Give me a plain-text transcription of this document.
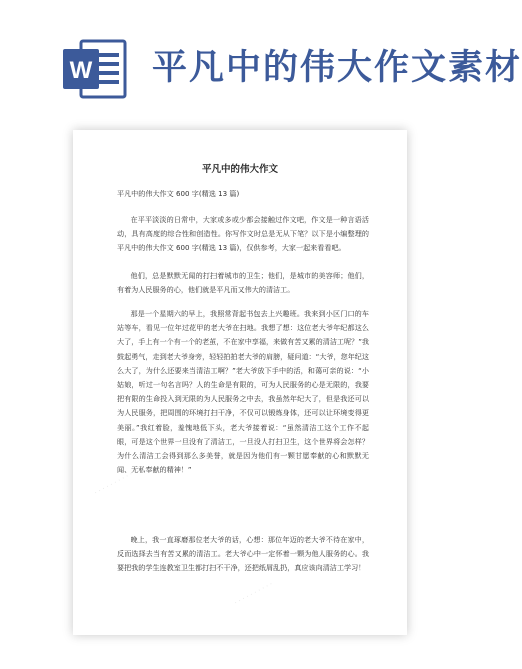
W 平凡中的伟大作文素材
· · · · · · · · · ·
· · · · · · · · · ·
平凡中的伟大作文
平凡中的伟大作文 600 字(精选 13 篇)
在平平淡淡的日常中，大家或多或少都会接触过作文吧，作文是一种言语活动，具有高度的综合性和创造性。你写作文时总是无从下笔？以下是小编整理的平凡中的伟大作文 600 字(精选 13 篇)，仅供参考，大家一起来看看吧。
他们，总是默默无闻的打扫着城市的卫生；他们，是城市的美容师；他们，有着为人民服务的心，他们就是平凡而又伟大的清洁工。
那是一个星期六的早上，我照常背起书包去上兴趣班。我来到小区门口的车站等车，看见一位年过花甲的老大爷在扫地。我想了想：这位老大爷年纪都这么大了，手上有一个有一个的老茧，不在家中享福，来做有苦又累的清洁工呢？”我鼓起勇气，走到老大爷身旁，轻轻拍拍老大爷的肩膀，疑问道：“大爷，您年纪这么大了，为什么还要来当清洁工啊？”老大爷放下手中的活，和蔼可亲的说：“小姑娘，听过一句名言吗？人的生命是有限的，可为人民服务的心是无限的，我要把有限的生命投入到无限的为人民服务之中去，我虽然年纪大了，但是我还可以为人民服务，把周围的环境打扫干净，不仅可以锻炼身体，还可以让环境变得更美丽。”我红着脸，羞愧地低下头，老大爷接着说：“虽然清洁工这个工作不起眼，可是这个世界一旦没有了清洁工，一旦没人打扫卫生，这个世界将会怎样？为什么清洁工会得到那么多美誉，就是因为他们有一颗甘愿奉献的心和默默无闻、无私奉献的精神！”
晚上，我一直琢磨那位老大爷的话，心想：那位年迈的老大爷不待在家中，反而选择去当有苦又累的清洁工。老大爷心中一定怀着一颗为他人服务的心。我要把我的学生连教室卫生都打扫不干净，还把纸屑乱扔，真应该向清洁工学习！
